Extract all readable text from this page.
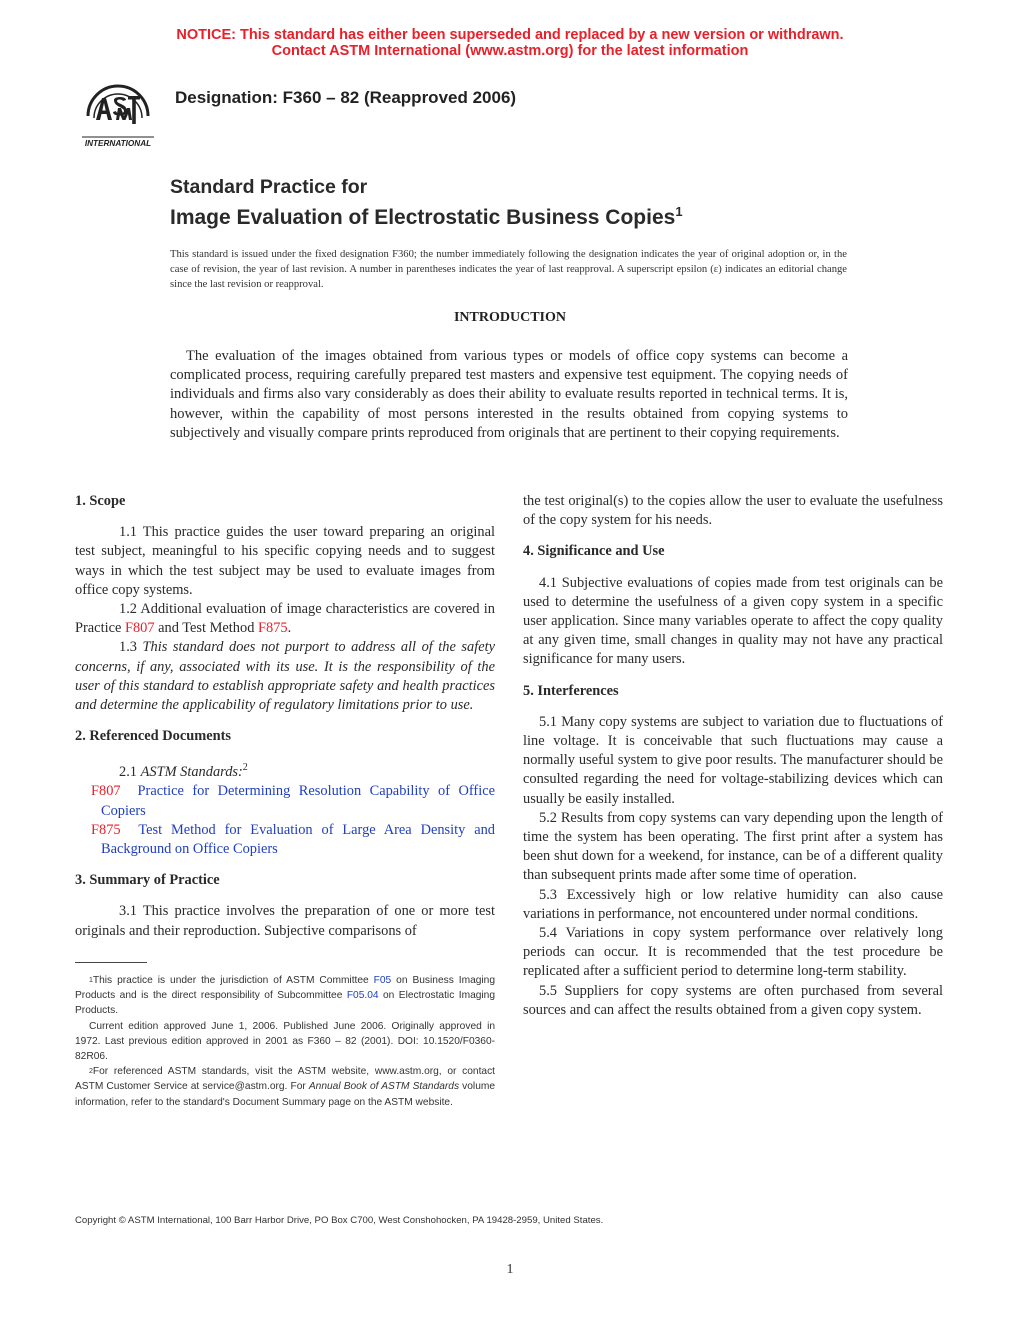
NOTICE: This standard has either been superseded and replaced by a new version or withdrawn.
Contact ASTM International (www.astm.org) for the latest information
INTERNATIONAL
Designation: F360 – 82 (Reapproved 2006)
Standard Practice for
Image Evaluation of Electrostatic Business Copies$^1$
This standard is issued under the fixed designation F360; the number immediately following the designation indicates the year of original adoption or, in the case of revision, the year of last revision. A number in parentheses indicates the year of last reapproval. A superscript epsilon (ε) indicates an editorial change since the last revision or reapproval.
INTRODUCTION
The evaluation of the images obtained from various types or models of office copy systems can become a complicated process, requiring carefully prepared test masters and expensive test equipment. The copying needs of individuals and firms also vary considerably as does their ability to evaluate results reported in technical terms. It is, however, within the capability of most persons interested in the results obtained from copying systems to subjectively and visually compare prints reproduced from originals that are pertinent to their copying requirements.

1. Scope

1.1 This practice guides the user toward preparing an original test subject, meaningful to his specific copying needs and to suggest ways in which the test subject may be used to evaluate images from office copy systems.

1.2 Additional evaluation of image characteristics are covered in Practice F807 and Test Method F875.

1.3 This standard does not purport to address all of the safety concerns, if any, associated with its use. It is the responsibility of the user of this standard to establish appropriate safety and health practices and determine the applicability of regulatory limitations prior to use.

2. Referenced Documents

2.1 ASTM Standards:$^2$

F807 Practice for Determining Resolution Capability of Office Copiers

F875 Test Method for Evaluation of Large Area Density and Background on Office Copiers

3. Summary of Practice

3.1 This practice involves the preparation of one or more test originals and their reproduction. Subjective comparisons of

$^1$This practice is under the jurisdiction of ASTM Committee F05 on Business Imaging Products and is the direct responsibility of Subcommittee F05.04 on Electrostatic Imaging Products.

Current edition approved June 1, 2006. Published June 2006. Originally approved in 1972. Last previous edition approved in 2001 as F360 – 82 (2001). DOI: 10.1520/F0360-82R06.

$^2$For referenced ASTM standards, visit the ASTM website, www.astm.org, or contact ASTM Customer Service at service@astm.org. For Annual Book of ASTM Standards volume information, refer to the standard's Document Summary page on the ASTM website.

the test original(s) to the copies allow the user to evaluate the usefulness of the copy system for his needs.

4. Significance and Use

4.1 Subjective evaluations of copies made from test originals can be used to determine the usefulness of a given copy system in a specific user application. Since many variables operate to affect the copy quality at any given time, small changes in quality may not have any practical significance for many users.

5. Interferences

5.1 Many copy systems are subject to variation due to fluctuations of line voltage. It is conceivable that such fluctuations may cause a normally useful system to give poor results. The manufacturer should be consulted regarding the need for voltage-stabilizing devices which can usually be easily installed.

5.2 Results from copy systems can vary depending upon the length of time the system has been operating. The first print after a system has been shut down for a weekend, for instance, can be of a different quality than subsequent prints made after some time of operation.

5.3 Excessively high or low relative humidity can also cause variations in performance, not encountered under normal conditions.

5.4 Variations in copy system performance over relatively long periods can occur. It is recommended that the test procedure be replicated after a sufficient period to determine long-term stability.

5.5 Suppliers for copy systems are often purchased from several sources and can affect the results obtained from a given copy system.

Copyright © ASTM International, 100 Barr Harbor Drive, PO Box C700, West Conshohocken, PA 19428-2959, United States.
1
